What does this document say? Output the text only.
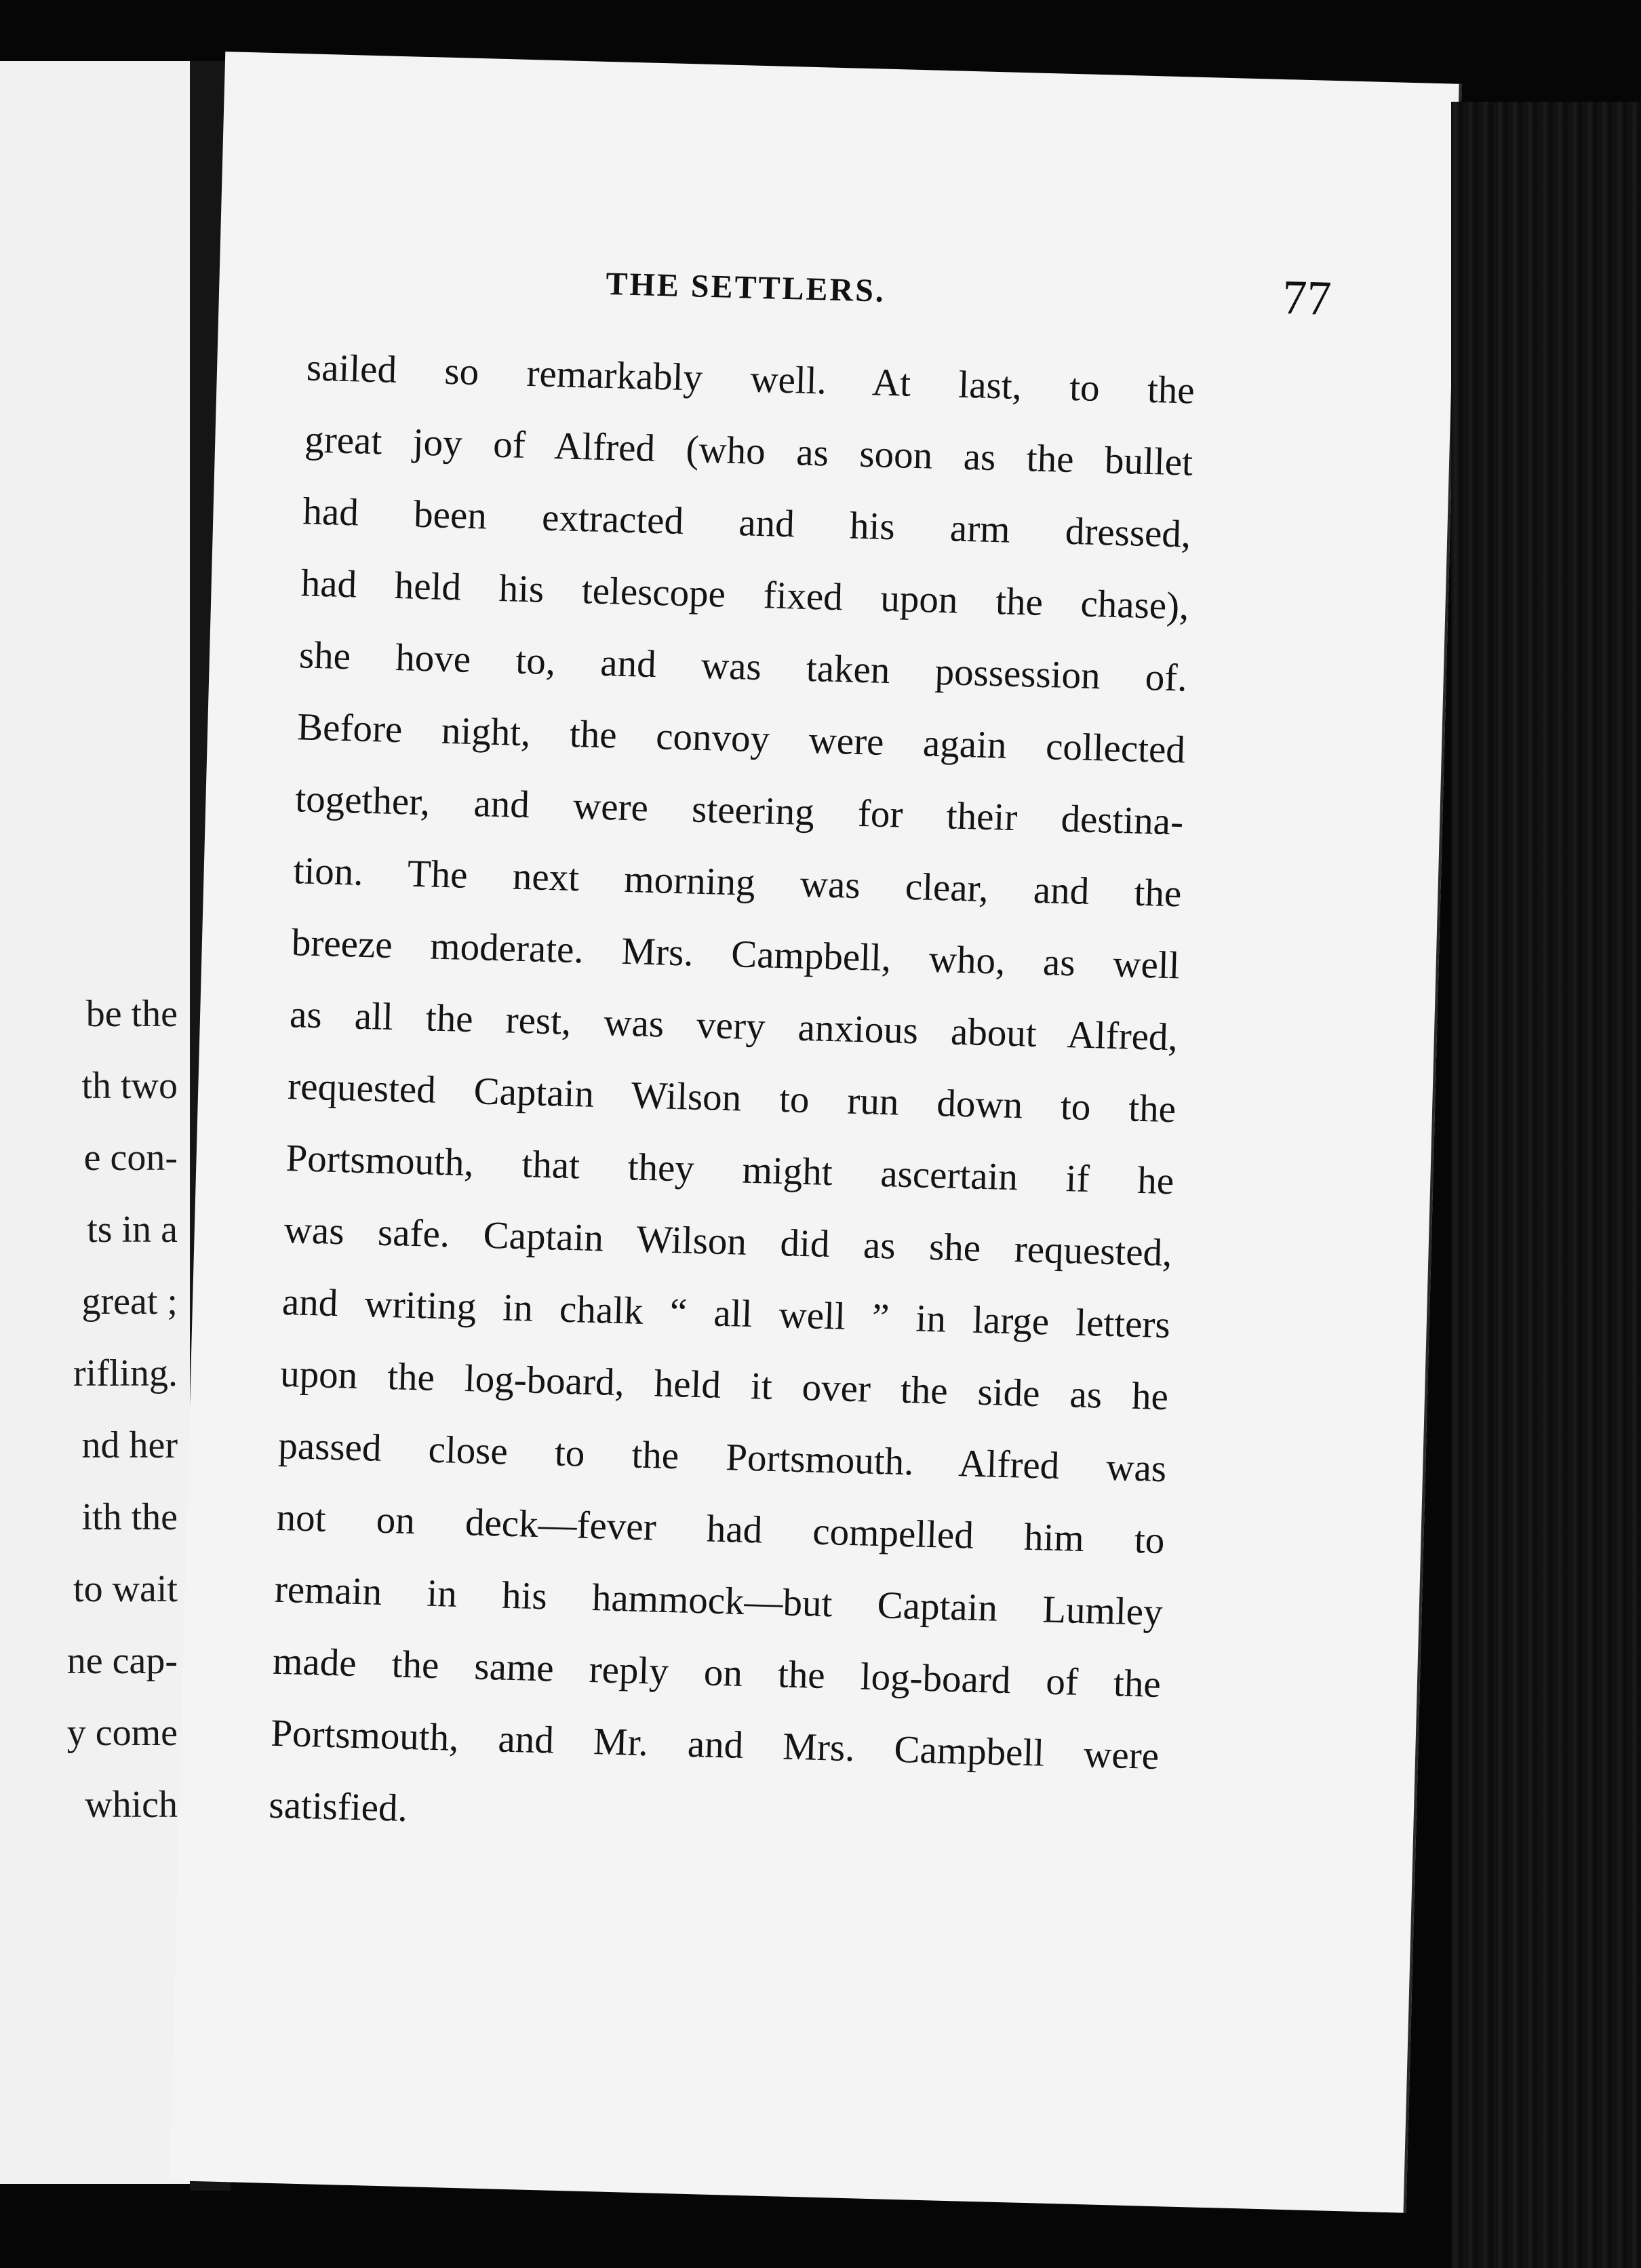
be the
th two
e con-
ts in a
great ;
rifling.
nd her
ith the
to wait
ne cap-
y come
which
THE SETTLERS.	77
sailed so remarkably well. At last, to the
great joy of Alfred (who as soon as the bullet
had been extracted and his arm dressed,
had held his telescope fixed upon the chase),
she hove to, and was taken possession of.
Before night, the convoy were again collected
together, and were steering for their destina-
tion. The next morning was clear, and the
breeze moderate. Mrs. Campbell, who, as well
as all the rest, was very anxious about Alfred,
requested Captain Wilson to run down to the
Portsmouth, that they might ascertain if he
was safe. Captain Wilson did as she requested,
and writing in chalk “ all well ” in large letters
upon the log-board, held it over the side as he
passed close to the Portsmouth. Alfred was
not on deck—fever had compelled him to
remain in his hammock—but Captain Lumley
made the same reply on the log-board of the
Portsmouth, and Mr. and Mrs. Campbell were
satisfied.
